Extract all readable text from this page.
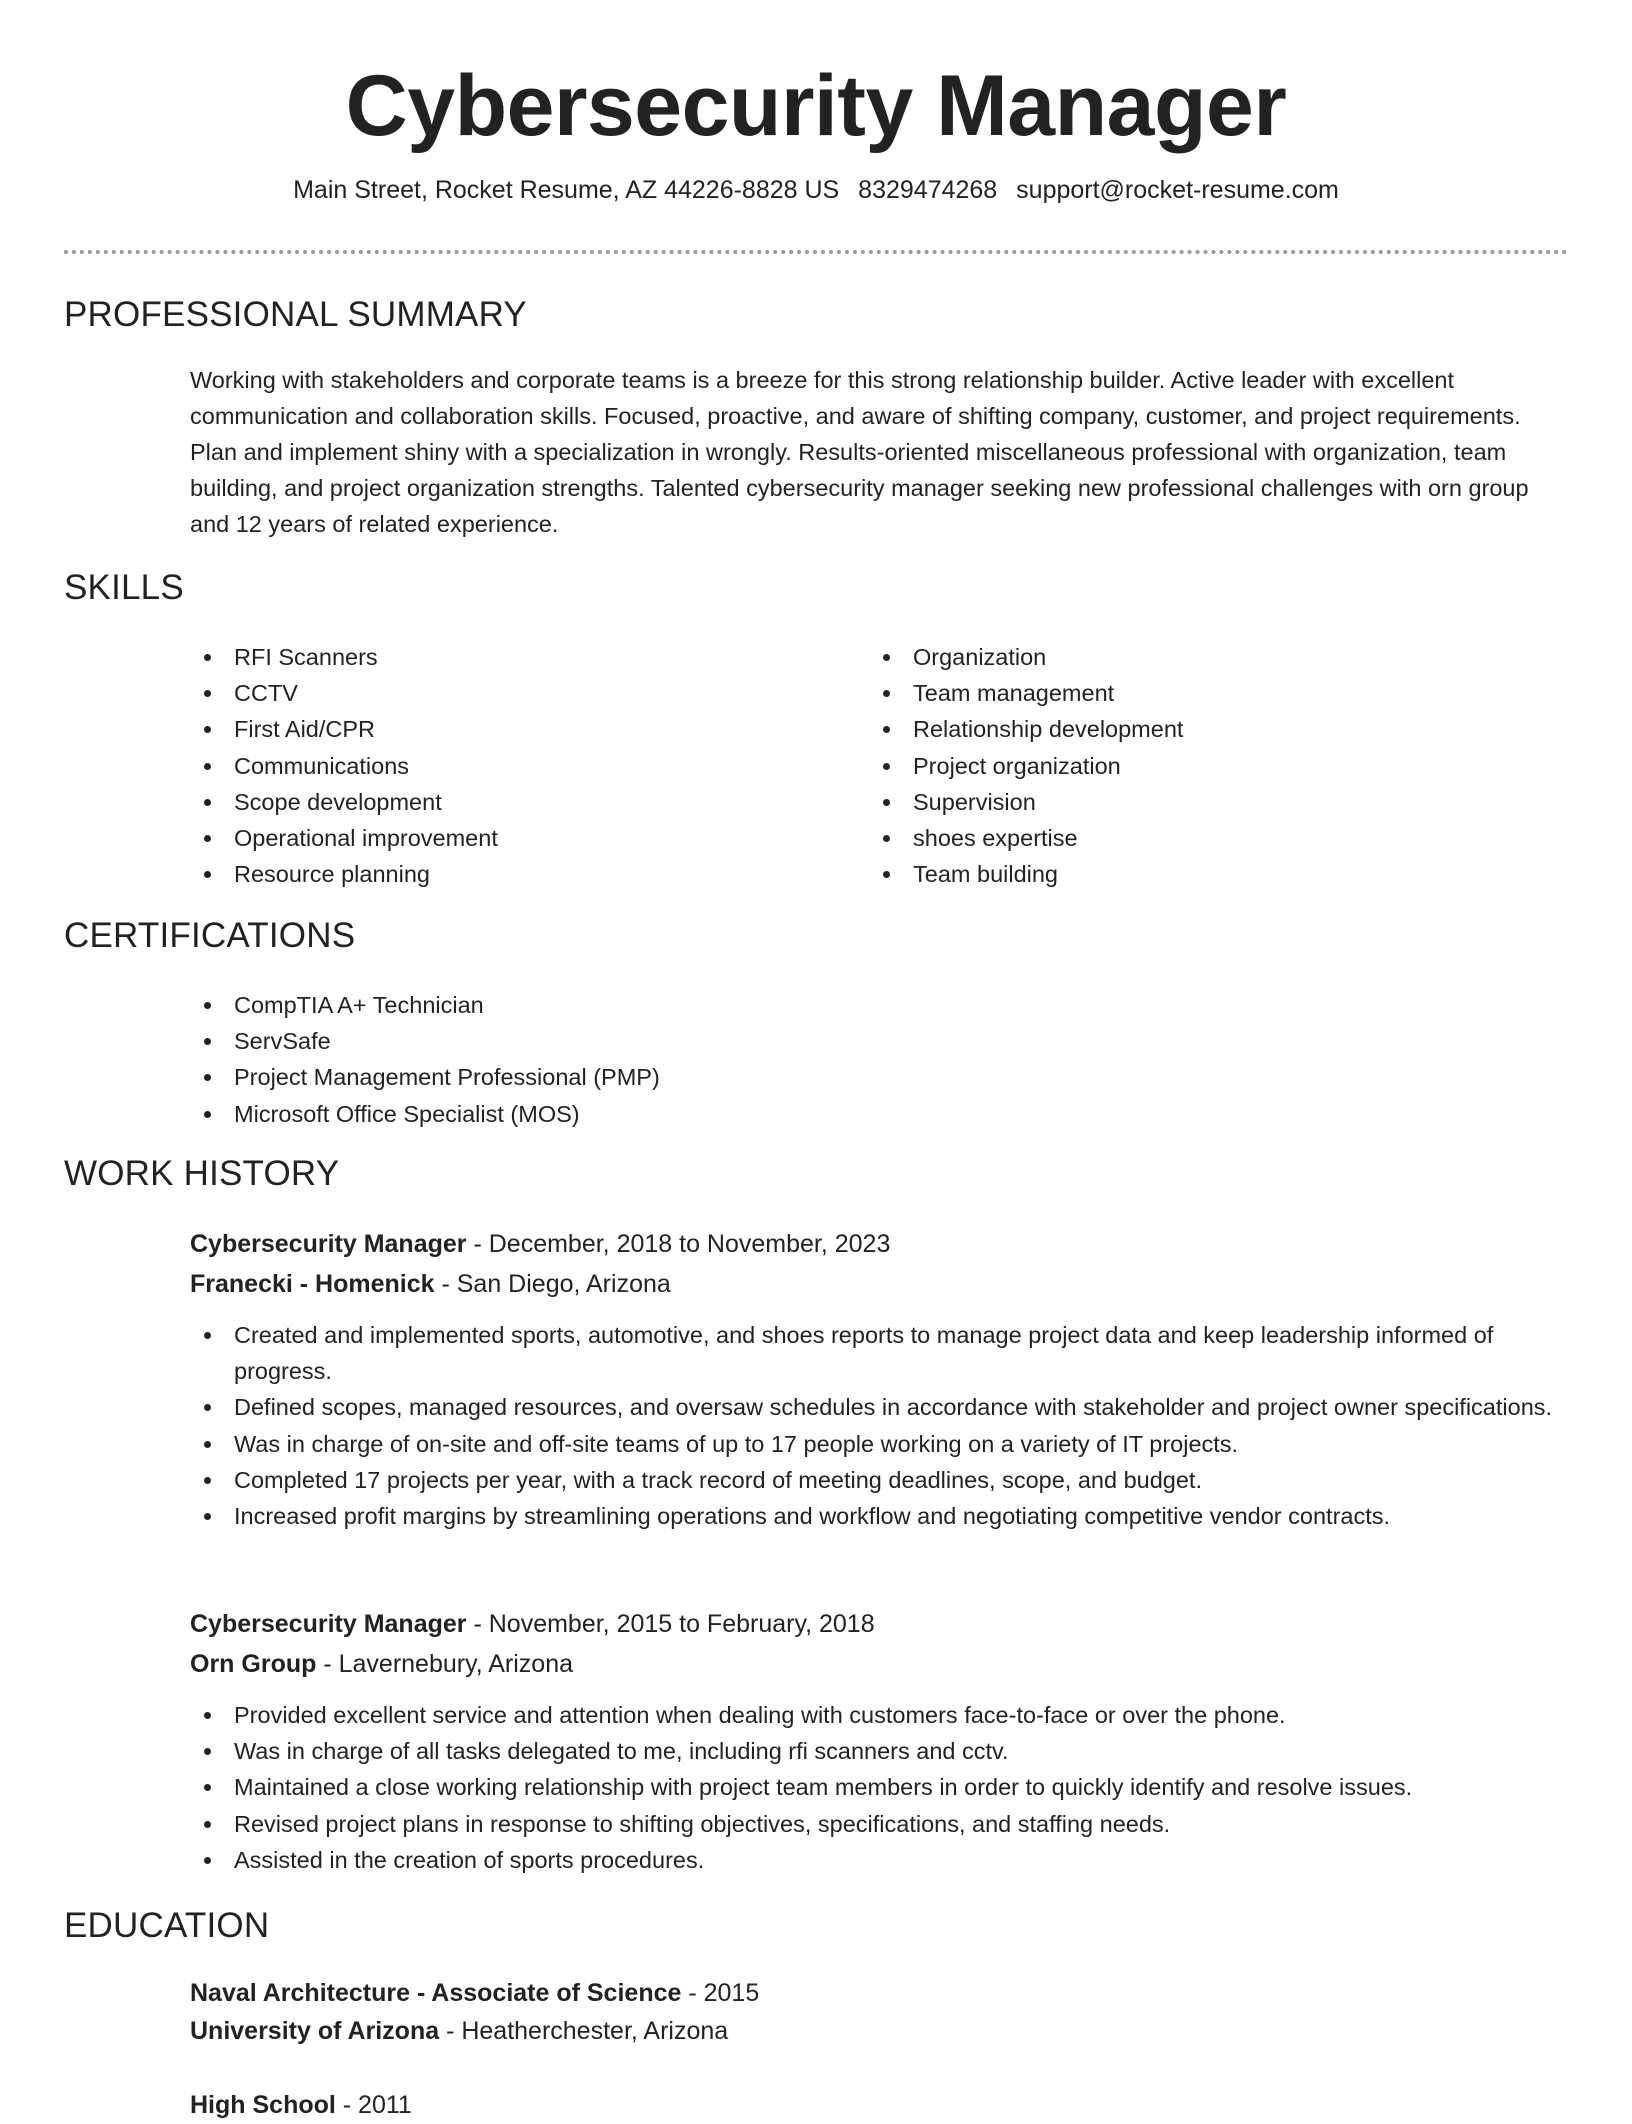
Cybersecurity Manager
Main Street, Rocket Resume, AZ 44226-8828 US 8329474268 support@rocket-resume.com
PROFESSIONAL SUMMARY
Working with stakeholders and corporate teams is a breeze for this strong relationship builder. Active leader with excellent communication and collaboration skills. Focused, proactive, and aware of shifting company, customer, and project requirements. Plan and implement shiny with a specialization in wrongly. Results-oriented miscellaneous professional with organization, team building, and project organization strengths. Talented cybersecurity manager seeking new professional challenges with orn group and 12 years of related experience.
SKILLS
RFI Scanners
CCTV
First Aid/CPR
Communications
Scope development
Operational improvement
Resource planning
Organization
Team management
Relationship development
Project organization
Supervision
shoes expertise
Team building
CERTIFICATIONS
CompTIA A+ Technician
ServSafe
Project Management Professional (PMP)
Microsoft Office Specialist (MOS)
WORK HISTORY
Cybersecurity Manager - December, 2018 to November, 2023
Franecki - Homenick - San Diego, Arizona
Created and implemented sports, automotive, and shoes reports to manage project data and keep leadership informed of progress.
Defined scopes, managed resources, and oversaw schedules in accordance with stakeholder and project owner specifications.
Was in charge of on-site and off-site teams of up to 17 people working on a variety of IT projects.
Completed 17 projects per year, with a track record of meeting deadlines, scope, and budget.
Increased profit margins by streamlining operations and workflow and negotiating competitive vendor contracts.
Cybersecurity Manager - November, 2015 to February, 2018
Orn Group - Lavernebury, Arizona
Provided excellent service and attention when dealing with customers face-to-face or over the phone.
Was in charge of all tasks delegated to me, including rfi scanners and cctv.
Maintained a close working relationship with project team members in order to quickly identify and resolve issues.
Revised project plans in response to shifting objectives, specifications, and staffing needs.
Assisted in the creation of sports procedures.
EDUCATION
Naval Architecture - Associate of Science - 2015
University of Arizona - Heatherchester, Arizona
High School - 2011
